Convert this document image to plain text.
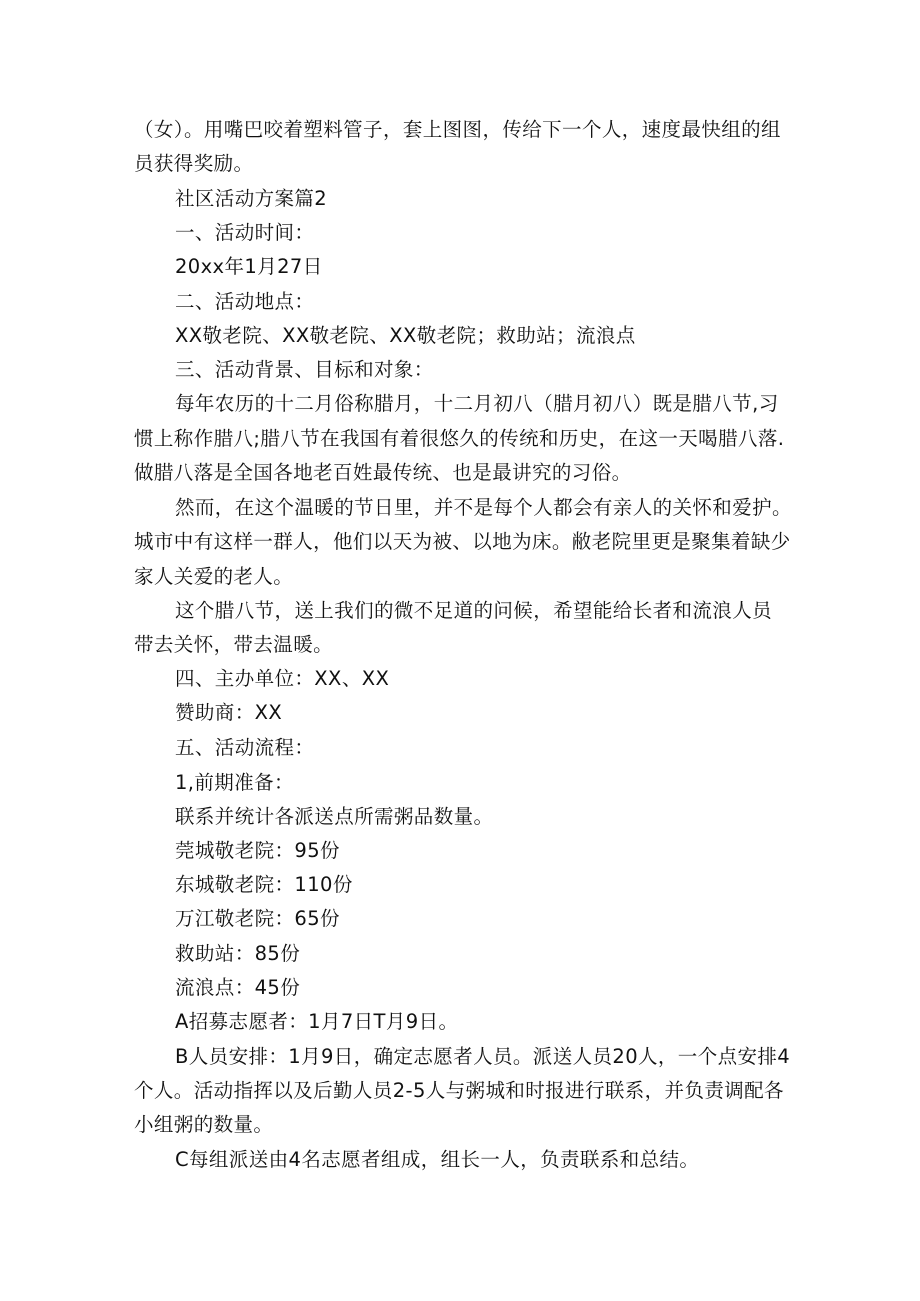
（女）。用嘴巴咬着塑料管子，套上图图，传给下一个人，速度最快组的组
员获得奖励。
社区活动方案篇2
一、活动时间：
20xx年1月27日
二、活动地点：
XX敬老院、XX敬老院、XX敬老院；救助站；流浪点
三、活动背景、目标和对象：
每年农历的十二月俗称腊月，十二月初八（腊月初八）既是腊八节,习
惯上称作腊八;腊八节在我国有着很悠久的传统和历史，在这一天喝腊八落.
做腊八落是全国各地老百姓最传统、也是最讲究的习俗。
然而，在这个温暖的节日里，并不是每个人都会有亲人的关怀和爱护。
城市中有这样一群人，他们以天为被、以地为床。敝老院里更是聚集着缺少
家人关爱的老人。
这个腊八节，送上我们的微不足道的问候，希望能给长者和流浪人员
带去关怀，带去温暖。
四、主办单位：XX、XX
赞助商：XX
五、活动流程：
1,前期准备：
联系并统计各派送点所需粥品数量。
莞城敬老院：95份
东城敬老院：110份
万江敬老院：65份
救助站：85份
流浪点：45份
A招募志愿者：1月7日T月9日。
B人员安排：1月9日，确定志愿者人员。派送人员20人，一个点安排4
个人。活动指挥以及后勤人员2-5人与粥城和时报进行联系，并负责调配各
小组粥的数量。
C每组派送由4名志愿者组成，组长一人，负责联系和总结。
